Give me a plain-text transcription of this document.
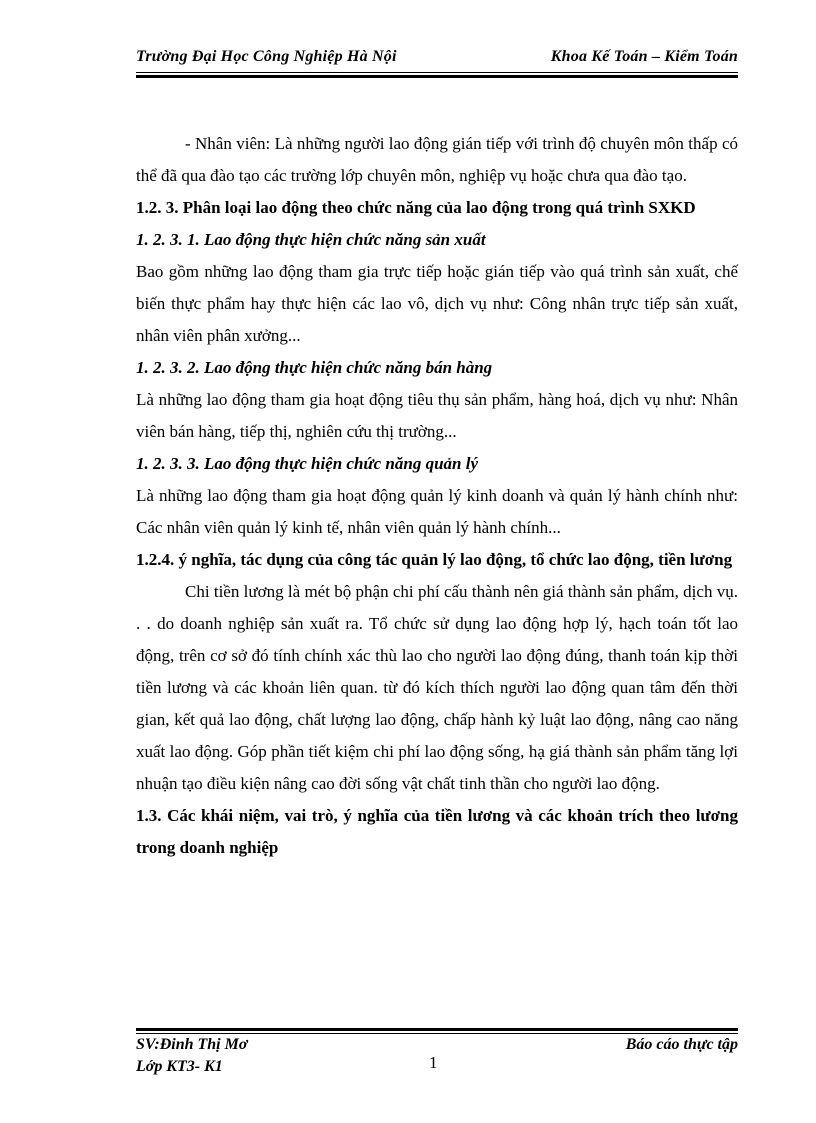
Trường Đại Học Công Nghiệp Hà Nội	Khoa Kế Toán – Kiểm Toán

- Nhân viên: Là những người lao động gián tiếp với trình độ chuyên môn thấp có thể đã qua đào tạo các trường lớp chuyên môn, nghiệp vụ hoặc chưa qua đào tạo.

1.2. 3. Phân loại lao động theo chức năng của lao động trong quá trình SXKD

1. 2. 3. 1. Lao động thực hiện chức năng sản xuất

Bao gồm những lao động tham gia trực tiếp hoặc gián tiếp vào quá trình sản xuất, chế biến thực phẩm hay thực hiện các lao vô, dịch vụ như: Công nhân trực tiếp sản xuất, nhân viên phân xưởng...

1. 2. 3. 2. Lao động thực hiện chức năng bán hàng

Là những lao động tham gia hoạt động tiêu thụ sản phẩm, hàng hoá, dịch vụ như: Nhân viên bán hàng, tiếp thị, nghiên cứu thị trường...

1. 2. 3. 3. Lao động thực hiện chức năng quản lý

Là những lao động tham gia hoạt động quản lý kinh doanh và quản lý hành chính như: Các nhân viên quản lý kinh tế, nhân viên quản lý hành chính...

1.2.4. ý nghĩa, tác dụng của công tác quản lý lao động, tổ chức lao động, tiền lương

Chi tiền lương là mét bộ phận chi phí cấu thành nên giá thành sản phẩm, dịch vụ. . . do doanh nghiệp sản xuất ra. Tổ chức sử dụng lao động hợp lý, hạch toán tốt lao động, trên cơ sở đó tính chính xác thù lao cho người lao động đúng, thanh toán kịp thời tiền lương và các khoản liên quan. từ đó kích thích người lao động quan tâm đến thời gian, kết quả lao động, chất lượng lao động, chấp hành kỷ luật lao động, nâng cao năng xuất lao động. Góp phần tiết kiệm chi phí lao động sống, hạ giá thành sản phẩm tăng lợi nhuận tạo điều kiện nâng cao đời sống vật chất tinh thần cho người lao động.

1.3. Các khái niệm, vai trò, ý nghĩa của tiền lương và các khoản trích theo lương trong doanh nghiệp

SV:Đinh Thị Mơ
Lớp KT3- K1	1
Báo cáo thực tập
